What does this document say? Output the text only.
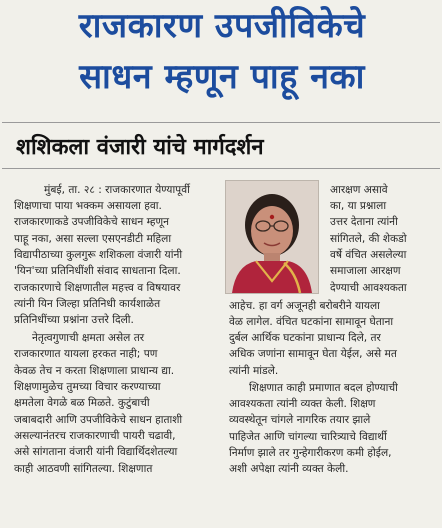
राजकारण उपजीविकेचे
साधन म्हणून पाहू नका
शशिकला वंजारी यांचे मार्गदर्शन
मुंबई, ता. २८ : राजकारणात येण्यापूर्वी
शिक्षणाचा पाया भक्कम असायला हवा.
राजकारणाकडे उपजीविकेचे साधन म्हणून
पाहू नका, असा सल्ला एसएनडीटी महिला
विद्यापीठाच्या कुलगुरू शशिकला वंजारी यांनी
'यिन'च्या प्रतिनिधींशी संवाद साधताना दिला.
राजकारणाचे शिक्षणातील महत्त्व व विषयावर
त्यांनी यिन जिल्हा प्रतिनिधी कार्यशाळेत
प्रतिनिधींच्या प्रश्नांना उत्तरे दिली.
आरक्षण असावे
का, या प्रश्नाला
उत्तर देताना त्यांनी
सांगितले, की शेकडो
वर्षे वंचित असलेल्या
समाजाला आरक्षण
देण्याची आवश्यकता
नेतृत्वगुणाची क्षमता असेल तर
राजकारणात यायला हरकत नाही; पण
केवळ तेच न करता शिक्षणाला प्राधान्य द्या.
शिक्षणामुळेच तुमच्या विचार करण्याच्या
क्षमतेला वेगळे बळ मिळते. कुटुंबाची
जबाबदारी आणि उपजीविकेचे साधन हाताशी
असल्यानंतरच राजकारणाची पायरी चढावी,
असे सांगताना वंजारी यांनी विद्यार्थिदशेतल्या
काही आठवणी सांगितल्या. शिक्षणात
आहेच. हा वर्ग अजूनही बरोबरीने यायला
वेळ लागेल. वंचित घटकांना सामावून घेताना
दुर्बल आर्थिक घटकांना प्राधान्य दिले, तर
अधिक जणांना सामावून घेता येईल, असे मत
त्यांनी मांडले.
शिक्षणात काही प्रमाणात बदल होण्याची
आवश्यकता त्यांनी व्यक्त केली. शिक्षण
व्यवस्थेतून चांगले नागरिक तयार झाले
पाहिजेत आणि चांगल्या चारित्र्याचे विद्यार्थी
निर्माण झाले तर गुन्हेगारीकरण कमी होईल,
अशी अपेक्षा त्यांनी व्यक्त केली.
